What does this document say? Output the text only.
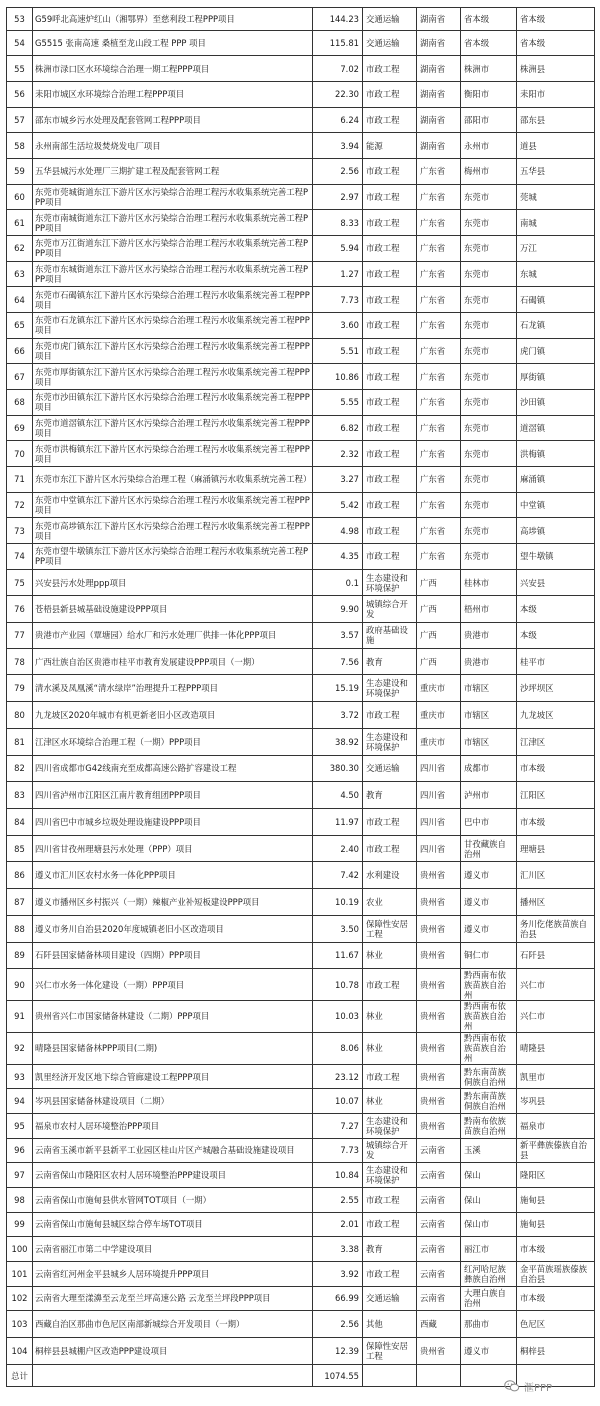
53	G59呼北高速炉红山（湘鄂界）至慈利段工程PPP项目	144.23	交通运输	湖南省	省本级	省本级
54	G5515 张南高速 桑植至龙山段工程 PPP 项目	115.81	交通运输	湖南省	省本级	省本级
55	株洲市渌口区水环境综合治理一期工程PPP项目	7.02	市政工程	湖南省	株洲市	株洲县
56	耒阳市城区水环境综合治理工程PPP项目	22.30	市政工程	湖南省	衡阳市	耒阳市
57	邵东市城乡污水处理及配套管网工程PPP项目	6.24	市政工程	湖南省	邵阳市	邵东县
58	永州南部生活垃圾焚烧发电厂项目	3.94	能源	湖南省	永州市	道县
59	五华县城污水处理厂三期扩建工程及配套管网工程	2.56	市政工程	广东省	梅州市	五华县
60	东莞市莞城街道东江下游片区水污染综合治理工程污水收集系统完善工程PPP项目	2.97	市政工程	广东省	东莞市	莞城
61	东莞市南城街道东江下游片区水污染综合治理工程污水收集系统完善工程PPP项目	8.33	市政工程	广东省	东莞市	南城
62	东莞市万江街道东江下游片区水污染综合治理工程污水收集系统完善工程PPP项目	5.94	市政工程	广东省	东莞市	万江
63	东莞市东城街道东江下游片区水污染综合治理工程污水收集系统完善工程PPP项目	1.27	市政工程	广东省	东莞市	东城
64	东莞市石碣镇东江下游片区水污染综合治理工程污水收集系统完善工程PPP项目	7.73	市政工程	广东省	东莞市	石碣镇
65	东莞市石龙镇东江下游片区水污染综合治理工程污水收集系统完善工程PPP项目	3.60	市政工程	广东省	东莞市	石龙镇
66	东莞市虎门镇东江下游片区水污染综合治理工程污水收集系统完善工程PPP项目	5.51	市政工程	广东省	东莞市	虎门镇
67	东莞市厚街镇东江下游片区水污染综合治理工程污水收集系统完善工程PPP项目	10.86	市政工程	广东省	东莞市	厚街镇
68	东莞市沙田镇东江下游片区水污染综合治理工程污水收集系统完善工程PPP项目	5.55	市政工程	广东省	东莞市	沙田镇
69	东莞市道滘镇东江下游片区水污染综合治理工程污水收集系统完善工程PPP项目	6.82	市政工程	广东省	东莞市	道滘镇
70	东莞市洪梅镇东江下游片区水污染综合治理工程污水收集系统完善工程PPP项目	2.32	市政工程	广东省	东莞市	洪梅镇
71	东莞市东江下游片区水污染综合治理工程（麻涌镇污水收集系统完善工程）	3.27	市政工程	广东省	东莞市	麻涌镇
72	东莞市中堂镇东江下游片区水污染综合治理工程污水收集系统完善工程PPP项目	5.42	市政工程	广东省	东莞市	中堂镇
73	东莞市高埗镇东江下游片区水污染综合治理工程污水收集系统完善工程PPP项目	4.98	市政工程	广东省	东莞市	高埗镇
74	东莞市望牛墩镇东江下游片区水污染综合治理工程污水收集系统完善工程PPP项目	4.35	市政工程	广东省	东莞市	望牛墩镇
75	兴安县污水处理ppp项目	0.1	生态建设和环境保护	广西	桂林市	兴安县
76	苍梧县新县城基础设施建设PPP项目	9.90	城镇综合开发	广西	梧州市	本级
77	贵港市产业园（覃塘园）给水厂和污水处理厂供排一体化PPP项目	3.57	政府基础设施	广西	贵港市	本级
78	广西壮族自治区贵港市桂平市教育发展建设PPP项目（一期）	7.56	教育	广西	贵港市	桂平市
79	清水溪及凤凰溪“清水绿岸”治理提升工程PPP项目	15.19	生态建设和环境保护	重庆市	市辖区	沙坪坝区
80	九龙坡区2020年城市有机更新老旧小区改造项目	3.72	市政工程	重庆市	市辖区	九龙坡区
81	江津区水环境综合治理工程（一期）PPP项目	38.92	生态建设和环境保护	重庆市	市辖区	江津区
82	四川省成都市G42线南充至成都高速公路扩容建设工程	380.30	交通运输	四川省	成都市	市本级
83	四川省泸州市江阳区江南片教育组团PPP项目	4.50	教育	四川省	泸州市	江阳区
84	四川省巴中市城乡垃圾处理设施建设PPP项目	11.97	市政工程	四川省	巴中市	市本级
85	四川省甘孜州理塘县污水处理（PPP）项目	2.40	市政工程	四川省	甘孜藏族自治州	理塘县
86	遵义市汇川区农村水务一体化PPP项目	7.42	水利建设	贵州省	遵义市	汇川区
87	遵义市播州区乡村振兴（一期）辣椒产业补短板建设PPP项目	10.19	农业	贵州省	遵义市	播州区
88	遵义市务川自治县2020年度城镇老旧小区改造项目	3.50	保障性安居工程	贵州省	遵义市	务川仡佬族苗族自治县
89	石阡县国家储备林项目建设（四期）PPP项目	11.67	林业	贵州省	铜仁市	石阡县
90	兴仁市水务一体化建设（一期）PPP项目	10.78	市政工程	贵州省	黔西南布依族苗族自治州	兴仁市
91	贵州省兴仁市国家储备林建设（二期）PPP项目	10.03	林业	贵州省	黔西南布依族苗族自治州	兴仁市
92	晴隆县国家储备林PPP项目(二期)	8.06	林业	贵州省	黔西南布依族苗族自治州	晴隆县
93	凯里经济开发区地下综合管廊建设工程PPP项目	23.12	市政工程	贵州省	黔东南苗族侗族自治州	凯里市
94	岑巩县国家储备林建设项目（二期）	10.07	林业	贵州省	黔东南苗族侗族自治州	岑巩县
95	福泉市农村人居环境整治PPP项目	7.27	生态建设和环境保护	贵州省	黔南布依族苗族自治州	福泉市
96	云南省玉溪市新平县新平工业园区桂山片区产城融合基础设施建设项目	7.73	城镇综合开发	云南省	玉溪	新平彝族傣族自治县
97	云南省保山市隆阳区农村人居环境整治PPP建设项目	10.84	生态建设和环境保护	云南省	保山	隆阳区
98	云南省保山市施甸县供水管网TOT项目（一期）	2.55	市政工程	云南省	保山	施甸县
99	云南省保山市施甸县城区综合停车场TOT项目	2.01	市政工程	云南省	保山市	施甸县
100	云南省丽江市第二中学建设项目	3.38	教育	云南省	丽江市	市本级
101	云南省红河州金平县城乡人居环境提升PPP项目	3.92	市政工程	云南省	红河哈尼族彝族自治州	金平苗族瑶族傣族自治县
102	云南省大理至漾濞至云龙至兰坪高速公路 云龙至兰坪段PPP项目	66.99	交通运输	云南省	大理白族自治州	市本级
103	西藏自治区那曲市色尼区南部新城综合开发项目（一期）	2.56	其他	西藏	那曲市	色尼区
104	桐梓县县城棚户区改造PPP建设项目	12.39	保障性安居工程	贵州省	遵义市	桐梓县
总计		1074.55				
滙PPP
